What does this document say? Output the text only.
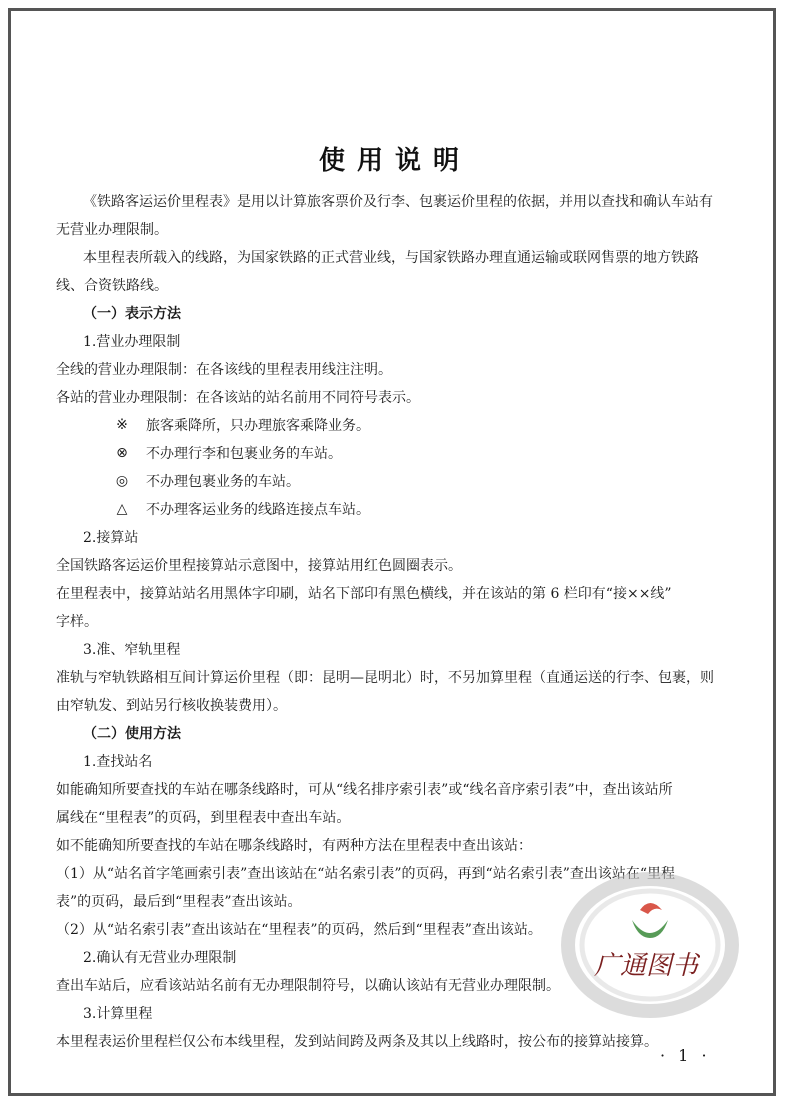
使用说明
《铁路客运运价里程表》是用以计算旅客票价及行李、包裹运价里程的依据，并用以查找和确认车站有
无营业办理限制。
本里程表所载入的线路，为国家铁路的正式营业线，与国家铁路办理直通运输或联网售票的地方铁路
线、合资铁路线。
（一）表示方法
1.营业办理限制
全线的营业办理限制：在各该线的里程表用线注注明。
各站的营业办理限制：在各该站的站名前用不同符号表示。
※ 旅客乘降所，只办理旅客乘降业务。
⊗ 不办理行李和包裹业务的车站。
◎ 不办理包裹业务的车站。
△	不办理客运业务的线路连接点车站。
2.接算站
全国铁路客运运价里程接算站示意图中，接算站用红色圆圈表示。
在里程表中，接算站站名用黑体字印刷，站名下部印有黑色横线，并在该站的第 6 栏印有“接××线”
字样。
3.准、窄轨里程
准轨与窄轨铁路相互间计算运价里程（即：昆明—昆明北）时，不另加算里程（直通运送的行李、包裹，则
由窄轨发、到站另行核收换装费用）。
（二）使用方法
1.查找站名
如能确知所要查找的车站在哪条线路时，可从“线名排序索引表”或“线名音序索引表”中，查出该站所
属线在“里程表”的页码，到里程表中查出车站。
如不能确知所要查找的车站在哪条线路时，有两种方法在里程表中查出该站：
（1）从“站名首字笔画索引表”查出该站在“站名索引表”的页码，再到“站名索引表”查出该站在“里程
表”的页码，最后到“里程表”查出该站。
（2）从“站名索引表”查出该站在“里程表”的页码，然后到“里程表”查出该站。
2.确认有无营业办理限制
查出车站后，应看该站站名前有无办理限制符号，以确认该站有无营业办理限制。
3.计算里程
本里程表运价里程栏仅公布本线里程，发到站间跨及两条及其以上线路时，按公布的接算站接算。
广通图书
· 1 ·
